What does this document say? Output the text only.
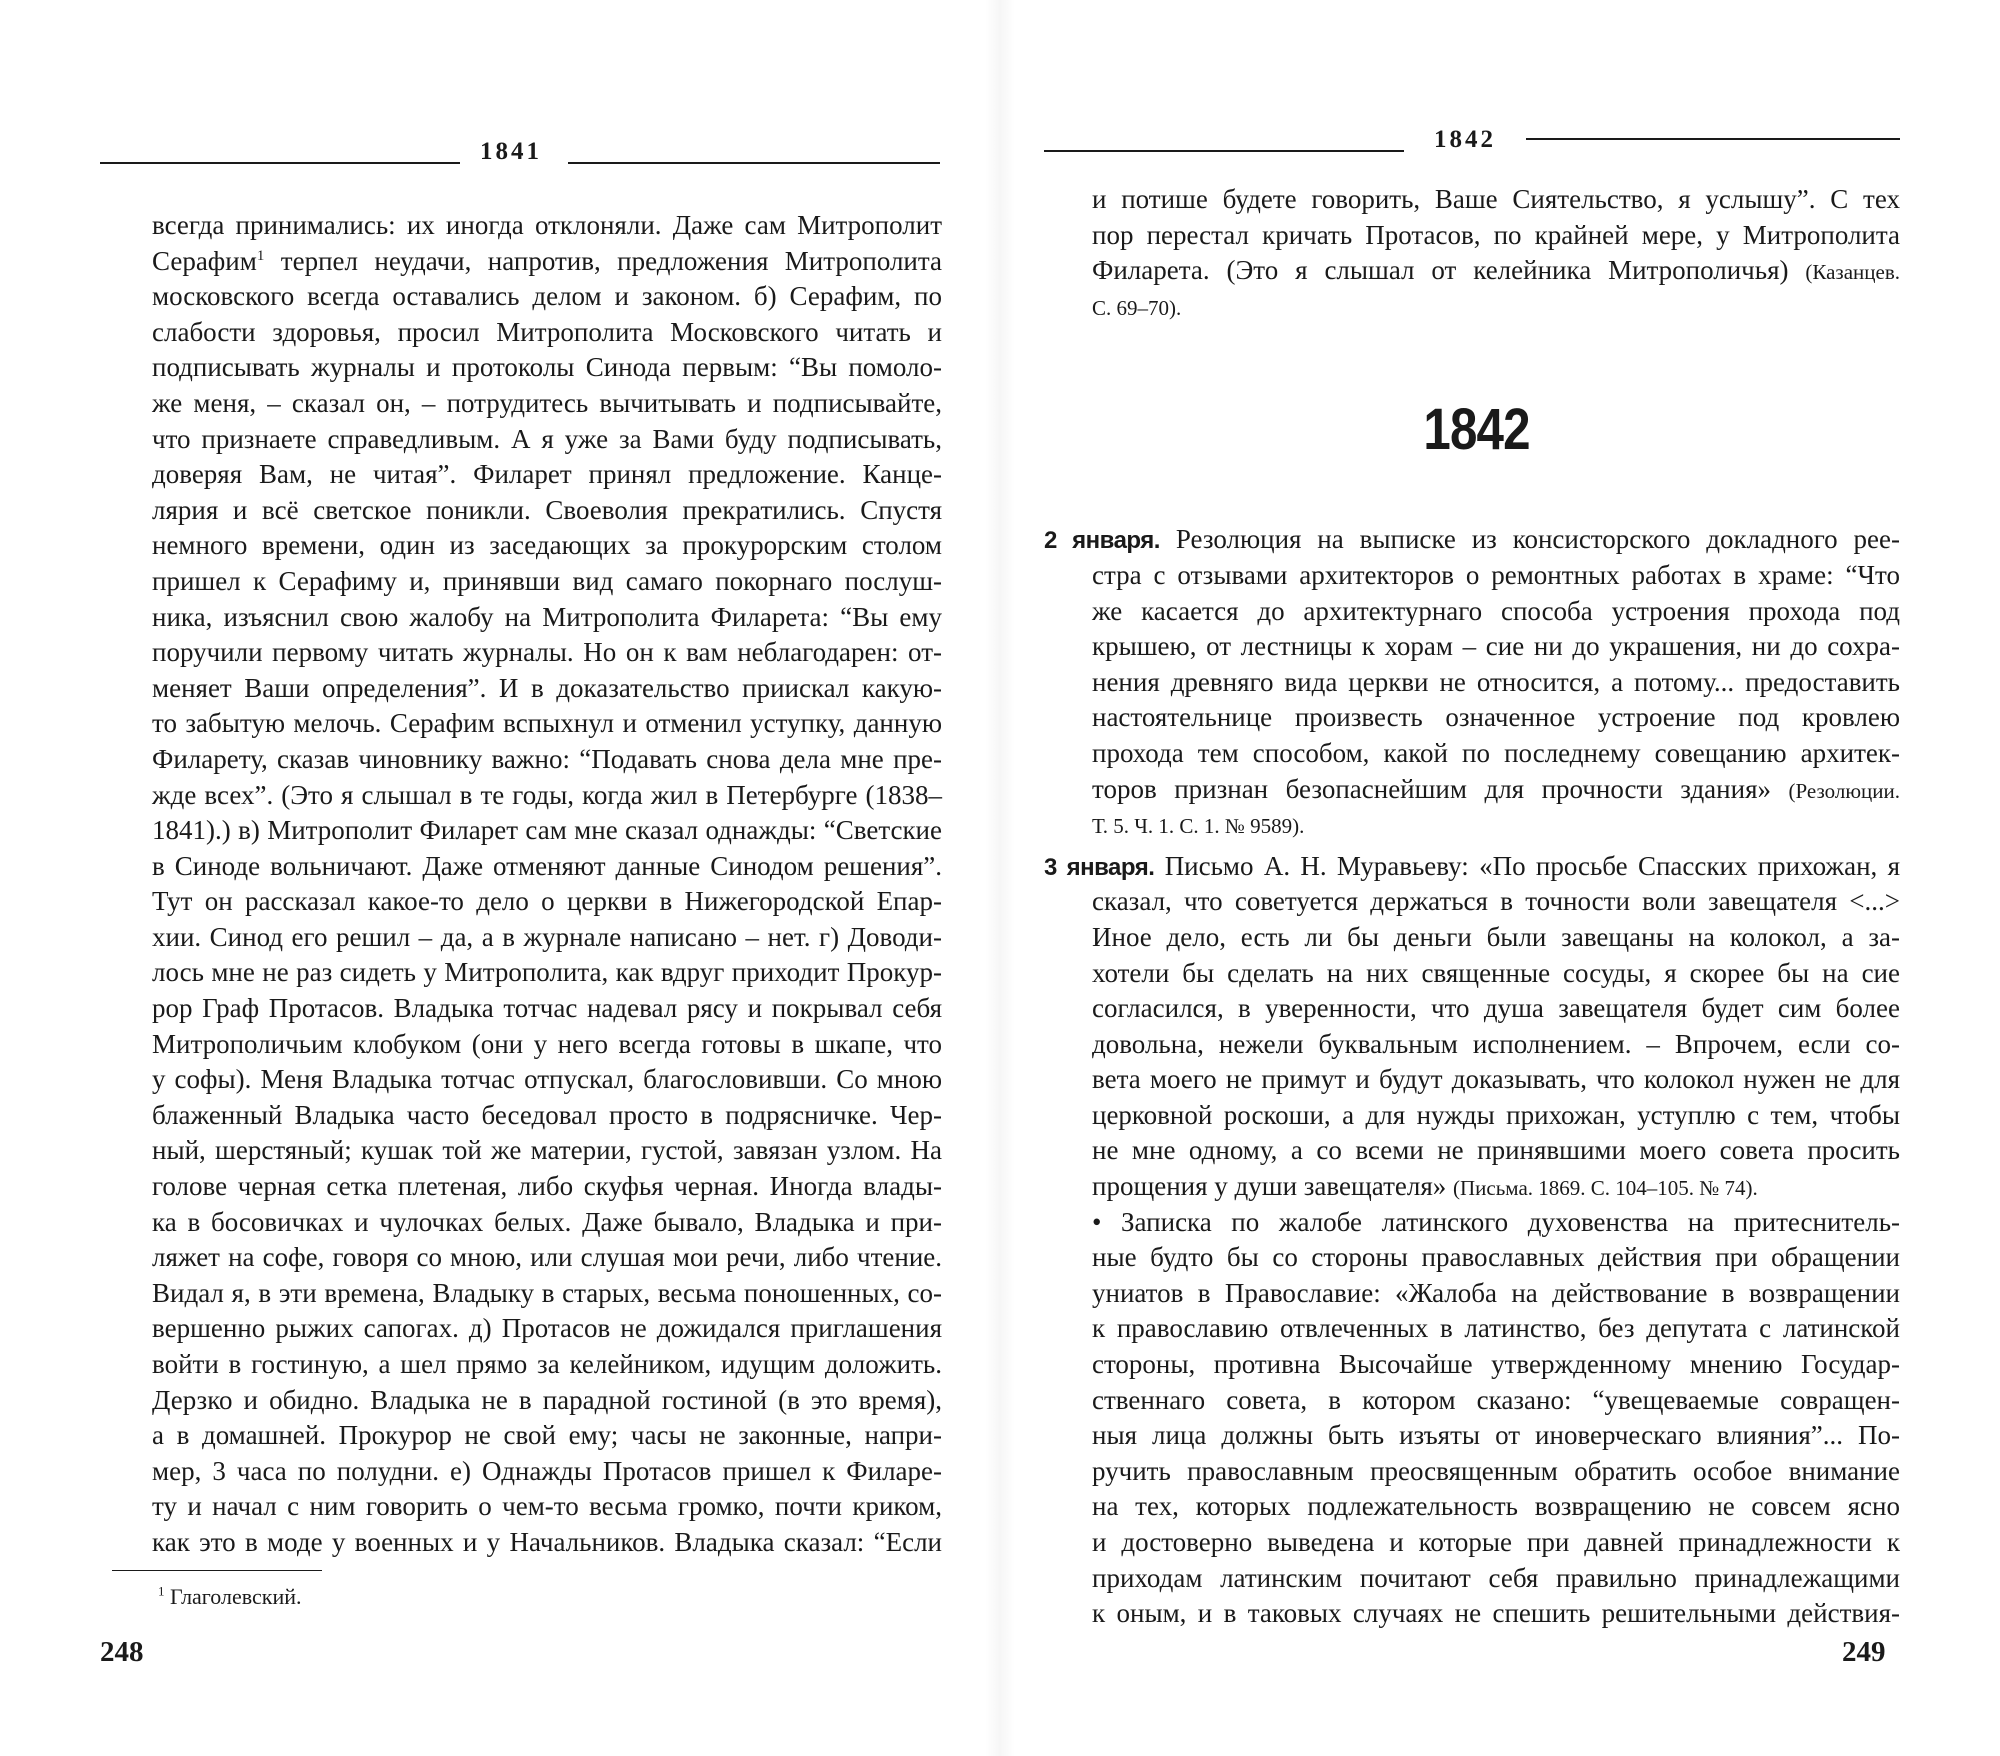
1841
всегда принимались: их иногда отклоняли. Даже сам Митрополит
Серафим$^1$ терпел неудачи, напротив, предложения Митрополита
московского всегда оставались делом и законом. б) Серафим, по
слабости здоровья, просил Митрополита Московского читать и
подписывать журналы и протоколы Синода первым: “Вы помоло-
же меня, – сказал он, – потрудитесь вычитывать и подписывайте,
что признаете справедливым. А я уже за Вами буду подписывать,
доверяя Вам, не читая”. Филарет принял предложение. Канце-
лярия и всё светское поникли. Своеволия прекратились. Спустя
немного времени, один из заседающих за прокурорским столом
пришел к Серафиму и, принявши вид самаго покорнаго послуш-
ника, изъяснил свою жалобу на Митрополита Филарета: “Вы ему
поручили первому читать журналы. Но он к вам неблагодарен: от-
меняет Ваши определения”. И в доказательство приискал какую-
то забытую мелочь. Серафим вспыхнул и отменил уступку, данную
Филарету, сказав чиновнику важно: “Подавать снова дела мне пре-
жде всех”. (Это я слышал в те годы, когда жил в Петербурге (1838–
1841).) в) Митрополит Филарет сам мне сказал однажды: “Светские
в Синоде вольничают. Даже отменяют данные Синодом решения”.
Тут он рассказал какое-то дело о церкви в Нижегородской Епар-
хии. Синод его решил – да, а в журнале написано – нет. г) Доводи-
лось мне не раз сидеть у Митрополита, как вдруг приходит Прокур-
рор Граф Протасов. Владыка тотчас надевал рясу и покрывал себя
Митрополичьим клобуком (они у него всегда готовы в шкапе, что
у софы). Меня Владыка тотчас отпускал, благословивши. Со мною
блаженный Владыка часто беседовал просто в подрясничке. Чер-
ный, шерстяный; кушак той же материи, густой, завязан узлом. На
голове черная сетка плетеная, либо скуфья черная. Иногда влады-
ка в босовичках и чулочках белых. Даже бывало, Владыка и при-
ляжет на софе, говоря со мною, или слушая мои речи, либо чтение.
Видал я, в эти времена, Владыку в старых, весьма поношенных, со-
вершенно рыжих сапогах. д) Протасов не дожидался приглашения
войти в гостиную, а шел прямо за келейником, идущим доложить.
Дерзко и обидно. Владыка не в парадной гостиной (в это время),
а в домашней. Прокурор не свой ему; часы не законные, напри-
мер, 3 часа по полудни. е) Однажды Протасов пришел к Филаре-
ту и начал с ним говорить о чем-то весьма громко, почти криком,
как это в моде у военных и у Начальников. Владыка сказал: “Если
$^1$ Глаголевский.
248
1842
и потише будете говорить, Ваше Сиятельство, я услышу”. С тех
пор перестал кричать Протасов, по крайней мере, у Митрополита
Филарета. (Это я слышал от келейника Митрополичья) (Казанцев.
С. 69–70).
2 января. Резолюция на выписке из консисторского докладного рее-
стра с отзывами архитекторов о ремонтных работах в храме: “Что
же касается до архитектурнаго способа устроения прохода под
крышею, от лестницы к хорам – сие ни до украшения, ни до сохра-
нения древняго вида церкви не относится, а потому... предоставить
настоятельнице произвесть означенное устроение под кровлею
прохода тем способом, какой по последнему совещанию архитек-
торов признан безопаснейшим для прочности здания» (Резолюции.
Т. 5. Ч. 1. С. 1. № 9589).
3 января. Письмо А. Н. Муравьеву: «По просьбе Спасских прихожан, я
сказал, что советуется держаться в точности воли завещателя <...>
Иное дело, есть ли бы деньги были завещаны на колокол, а за-
хотели бы сделать на них священные сосуды, я скорее бы на сие
согласился, в уверенности, что душа завещателя будет сим более
довольна, нежели буквальным исполнением. – Впрочем, если со-
вета моего не примут и будут доказывать, что колокол нужен не для
церковной роскоши, а для нужды прихожан, уступлю с тем, чтобы
не мне одному, а со всеми не принявшими моего совета просить
прощения у души завещателя» (Письма. 1869. С. 104–105. № 74).
• Записка по жалобе латинского духовенства на притеснитель-
ные будто бы со стороны православных действия при обращении
униатов в Православие: «Жалоба на действование в возвращении
к православию отвлеченных в латинство, без депутата с латинской
стороны, противна Высочайше утвержденному мнению Государ-
ственнаго совета, в котором сказано: “увещеваемые совращен-
ныя лица должны быть изъяты от иноверческаго влияния”... По-
ручить православным преосвященным обратить особое внимание
на тех, которых подлежательность возвращению не совсем ясно
и достоверно выведена и которые при давней принадлежности к
приходам латинским почитают себя правильно принадлежащими
к оным, и в таковых случаях не спешить решительными действия-
1842
249
